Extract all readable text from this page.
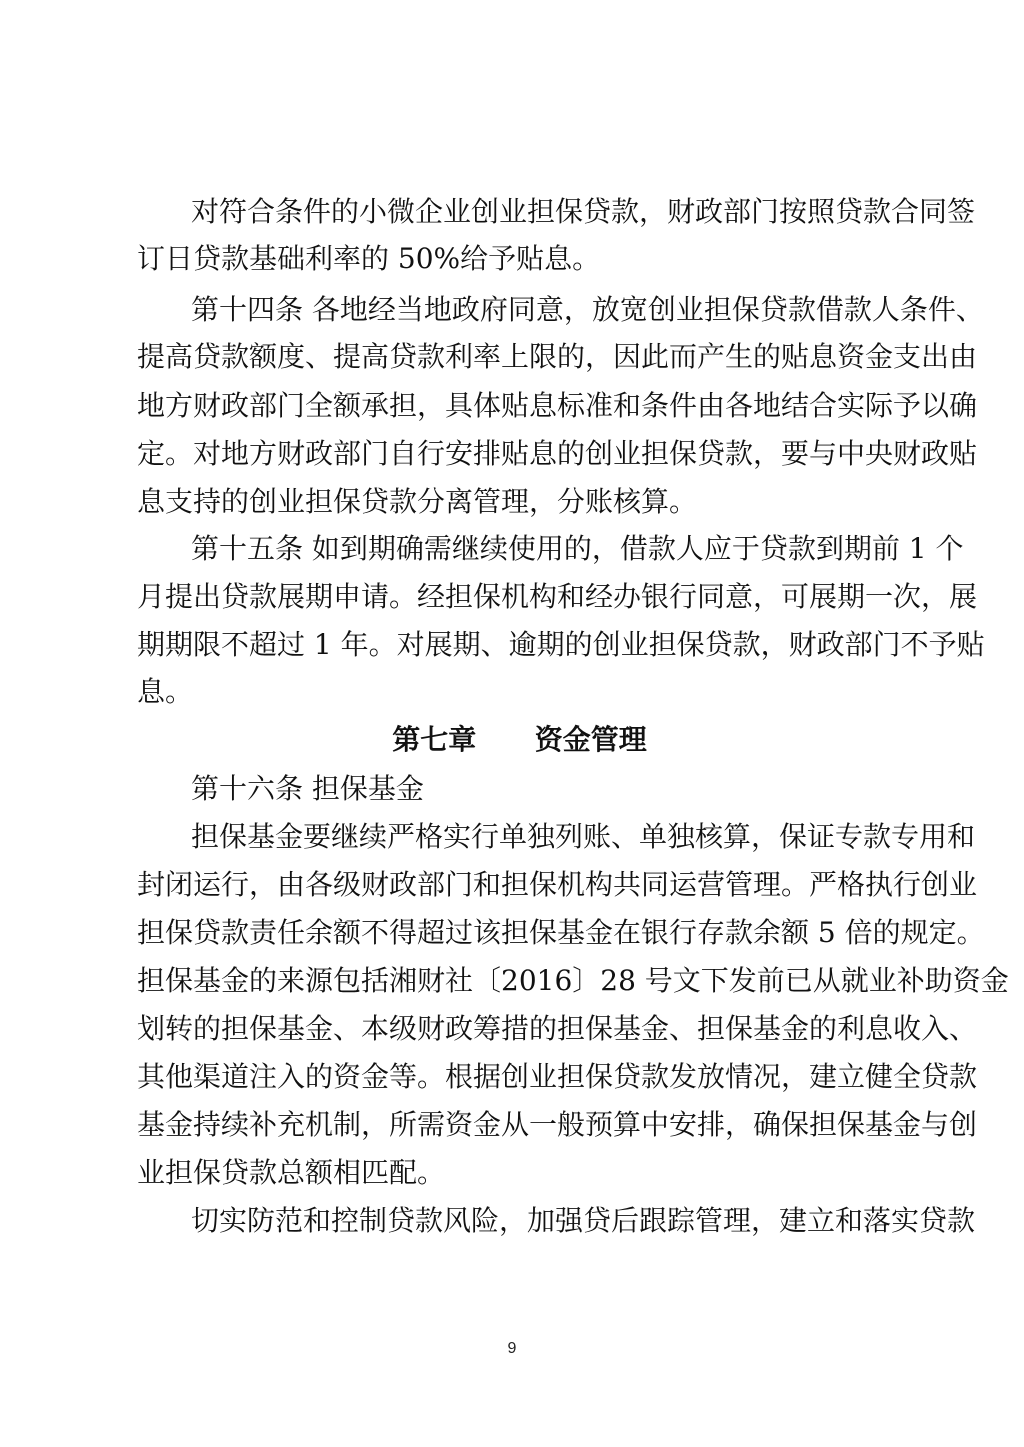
对符合条件的小微企业创业担保贷款，财政部门按照贷款合同签
订日贷款基础利率的 50%给予贴息。
第十四条 各地经当地政府同意，放宽创业担保贷款借款人条件、
提高贷款额度、提高贷款利率上限的，因此而产生的贴息资金支出由
地方财政部门全额承担，具体贴息标准和条件由各地结合实际予以确
定。对地方财政部门自行安排贴息的创业担保贷款，要与中央财政贴
息支持的创业担保贷款分离管理，分账核算。
第十五条 如到期确需继续使用的，借款人应于贷款到期前 1 个
月提出贷款展期申请。经担保机构和经办银行同意，可展期一次，展
期期限不超过 1 年。对展期、逾期的创业担保贷款，财政部门不予贴
息。
第七章      资金管理
第十六条 担保基金
担保基金要继续严格实行单独列账、单独核算，保证专款专用和
封闭运行，由各级财政部门和担保机构共同运营管理。严格执行创业
担保贷款责任余额不得超过该担保基金在银行存款余额 5 倍的规定。
担保基金的来源包括湘财社〔2016〕28 号文下发前已从就业补助资金
划转的担保基金、本级财政筹措的担保基金、担保基金的利息收入、
其他渠道注入的资金等。根据创业担保贷款发放情况，建立健全贷款
基金持续补充机制，所需资金从一般预算中安排，确保担保基金与创
业担保贷款总额相匹配。
切实防范和控制贷款风险，加强贷后跟踪管理，建立和落实贷款
9
